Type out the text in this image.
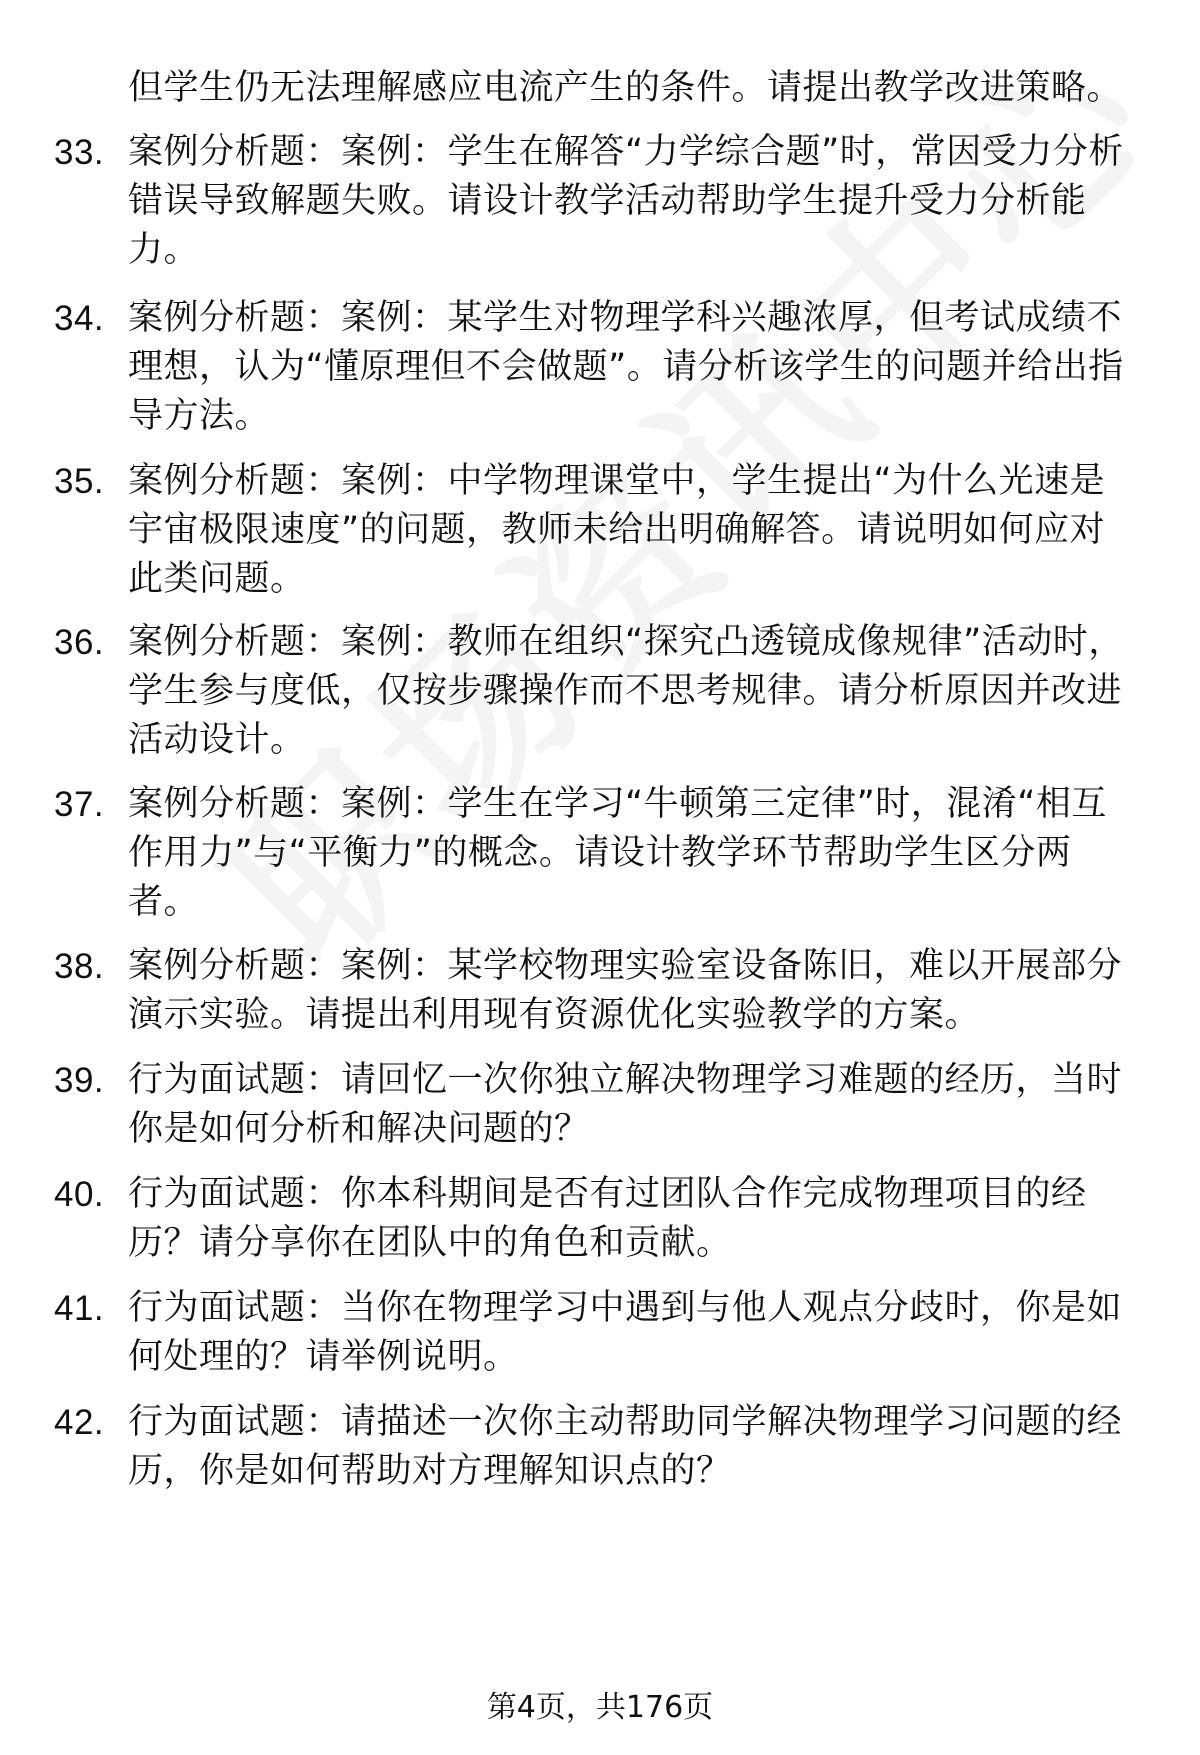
但学生仍无法理解感应电流产生的条件。请提出教学改进策略。
33. 案例分析题：案例：学生在解答“力学综合题”时，常因受力分析错误导致解题失败。请设计教学活动帮助学生提升受力分析能力。
34. 案例分析题：案例：某学生对物理学科兴趣浓厚，但考试成绩不理想，认为“懂原理但不会做题”。请分析该学生的问题并给出指导方法。
35. 案例分析题：案例：中学物理课堂中，学生提出“为什么光速是宇宙极限速度”的问题，教师未给出明确解答。请说明如何应对此类问题。
36. 案例分析题：案例：教师在组织“探究凸透镜成像规律”活动时，学生参与度低，仅按步骤操作而不思考规律。请分析原因并改进活动设计。
37. 案例分析题：案例：学生在学习“牛顿第三定律”时，混淆“相互作用力”与“平衡力”的概念。请设计教学环节帮助学生区分两者。
38. 案例分析题：案例：某学校物理实验室设备陈旧，难以开展部分演示实验。请提出利用现有资源优化实验教学的方案。
39. 行为面试题：请回忆一次你独立解决物理学习难题的经历，当时你是如何分析和解决问题的？
40. 行为面试题：你本科期间是否有过团队合作完成物理项目的经历？请分享你在团队中的角色和贡献。
41. 行为面试题：当你在物理学习中遇到与他人观点分歧时，你是如何处理的？请举例说明。
42. 行为面试题：请描述一次你主动帮助同学解决物理学习问题的经历，你是如何帮助对方理解知识点的？
第4页，共176页
